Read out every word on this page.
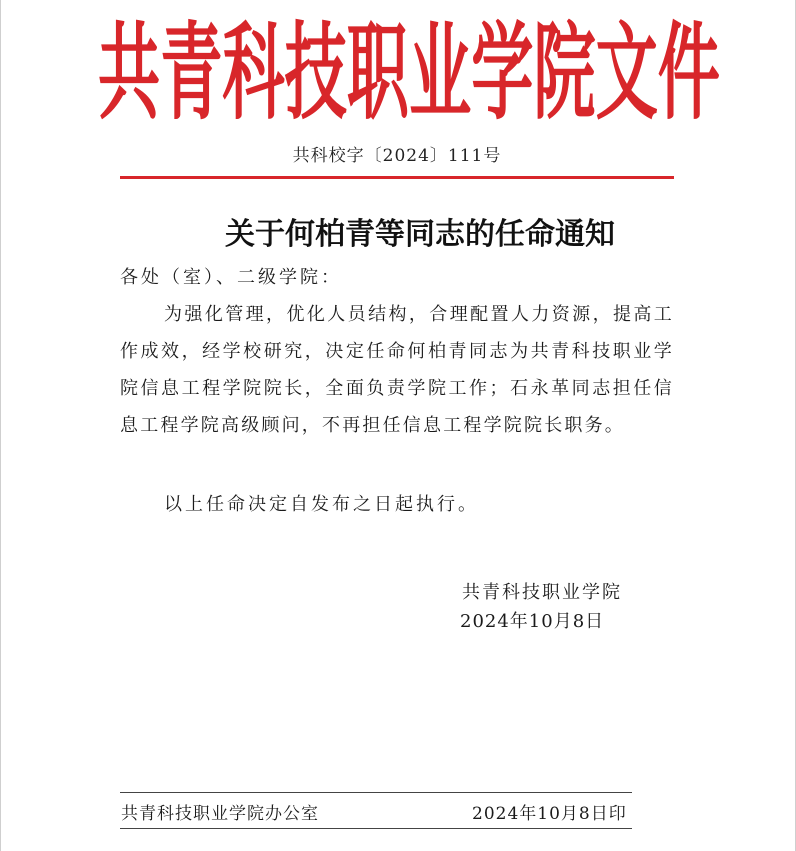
共青科技职业学院文件
共科校字〔2024〕111号
关于何柏青等同志的任命通知
各处（室）、二级学院：

为强化管理，优化人员结构，合理配置人力资源，提高工作成效，经学校研究，决定任命何柏青同志为共青科技职业学院信息工程学院院长，全面负责学院工作；石永革同志担任信息工程学院高级顾问，不再担任信息工程学院院长职务。

以上任命决定自发布之日起执行。
共青科技职业学院
2024年10月8日
共青科技职业学院办公室	2024年10月8日印
